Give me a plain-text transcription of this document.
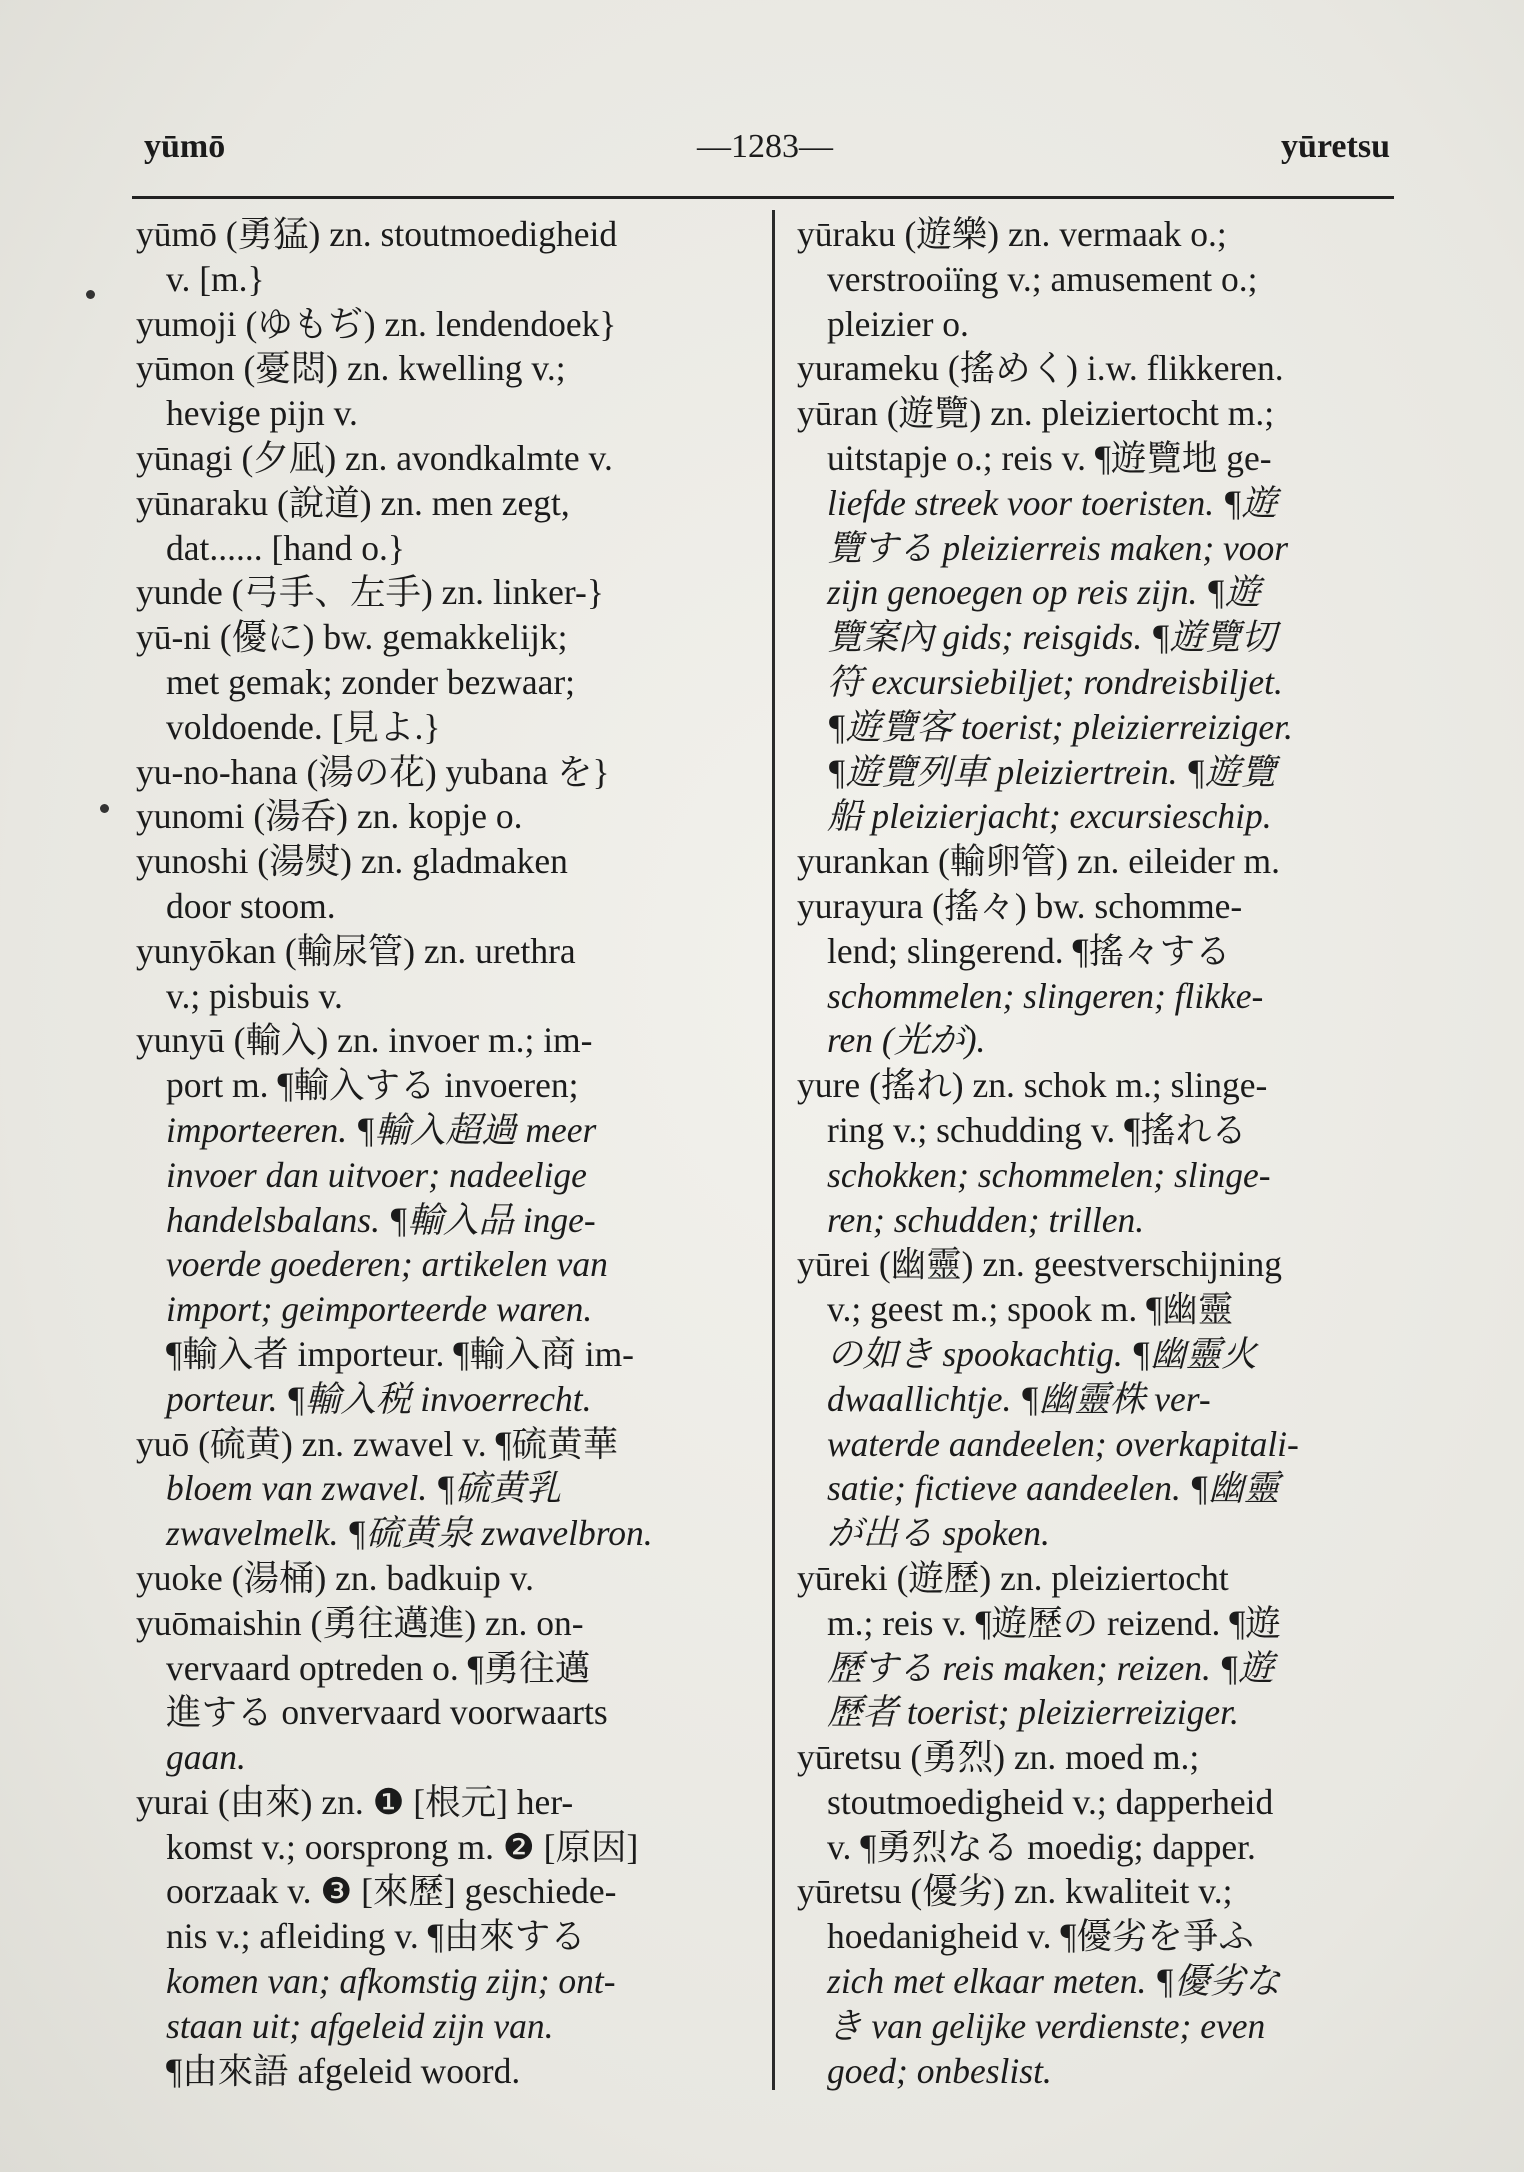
yūmō	—1283—	yūretsu
yūmō (勇猛) zn. stoutmoedigheid
v. [m.}
yumoji (ゆもぢ) zn. lendendoek}
yūmon (憂悶) zn. kwelling v.;
hevige pijn v.
yūnagi (夕凪) zn. avondkalmte v.
yūnaraku (說道) zn. men zegt,
dat...... [hand o.}
yunde (弓手、左手) zn. linker-}
yū-ni (優に) bw. gemakkelijk;
met gemak; zonder bezwaar;
voldoende. [見よ.}
yu-no-hana (湯の花) yubana を}
yunomi (湯呑) zn. kopje o.
yunoshi (湯熨) zn. gladmaken
door stoom.
yunyōkan (輸尿管) zn. urethra
v.; pisbuis v.
yunyū (輸入) zn. invoer m.; im-
port m. ¶輸入する invoeren;
importeeren. ¶輸入超過 meer
invoer dan uitvoer; nadeelige
handelsbalans. ¶輸入品 inge-
voerde goederen; artikelen van
import; geimporteerde waren.
¶輸入者 importeur. ¶輸入商 im-
porteur. ¶輸入税 invoerrecht.
yuō (硫黄) zn. zwavel v. ¶硫黄華
bloem van zwavel. ¶硫黄乳
zwavelmelk. ¶硫黄泉 zwavelbron.
yuoke (湯桶) zn. badkuip v.
yuōmaishin (勇往邁進) zn. on-
vervaard optreden o. ¶勇往邁
進する onvervaard voorwaarts
gaan.
yurai (由來) zn. ❶ [根元] her-
komst v.; oorsprong m. ❷ [原因]
oorzaak v. ❸ [來歷] geschiede-
nis v.; afleiding v. ¶由來する
komen van; afkomstig zijn; ont-
staan uit; afgeleid zijn van.
¶由來語 afgeleid woord.
yūraku (遊樂) zn. vermaak o.;
verstrooiïng v.; amusement o.;
pleizier o.
yurameku (搖めく) i.w. flikkeren.
yūran (遊覽) zn. pleiziertocht m.;
uitstapje o.; reis v. ¶遊覽地 ge-
liefde streek voor toeristen. ¶遊
覽する pleizierreis maken; voor
zijn genoegen op reis zijn. ¶遊
覽案內 gids; reisgids. ¶遊覽切
符 excursiebiljet; rondreisbiljet.
¶遊覽客 toerist; pleizierreiziger.
¶遊覽列車 pleiziertrein. ¶遊覽
船 pleizierjacht; excursieschip.
yurankan (輸卵管) zn. eileider m.
yurayura (搖々) bw. schomme-
lend; slingerend. ¶搖々する
schommelen; slingeren; flikke-
ren (光が).
yure (搖れ) zn. schok m.; slinge-
ring v.; schudding v. ¶搖れる
schokken; schommelen; slinge-
ren; schudden; trillen.
yūrei (幽靈) zn. geestverschijning
v.; geest m.; spook m. ¶幽靈
の如き spookachtig. ¶幽靈火
dwaallichtje. ¶幽靈株 ver-
waterde aandeelen; overkapitali-
satie; fictieve aandeelen. ¶幽靈
が出る spoken.
yūreki (遊歷) zn. pleiziertocht
m.; reis v. ¶遊歷の reizend. ¶遊
歷する reis maken; reizen. ¶遊
歷者 toerist; pleizierreiziger.
yūretsu (勇烈) zn. moed m.;
stoutmoedigheid v.; dapperheid
v. ¶勇烈なる moedig; dapper.
yūretsu (優劣) zn. kwaliteit v.;
hoedanigheid v. ¶優劣を爭ふ
zich met elkaar meten. ¶優劣な
き van gelijke verdienste; even
goed; onbeslist.
